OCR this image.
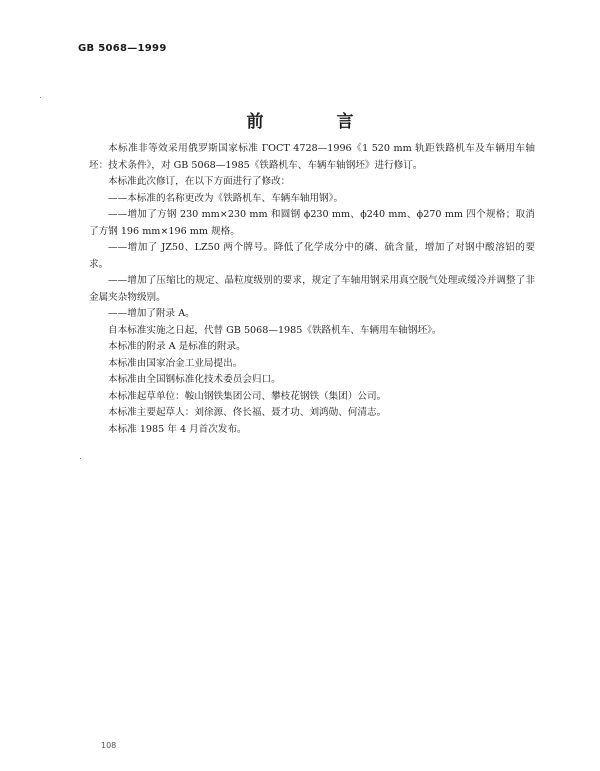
GB 5068—1999
前　言

本标准非等效采用俄罗斯国家标准 ГОСТ 4728—1996《1 520 mm 轨距铁路机车及车辆用车轴坯：技术条件》，对 GB 5068—1985《铁路机车、车辆车轴钢坯》进行修订。

本标准此次修订，在以下方面进行了修改：

——本标准的名称更改为《铁路机车、车辆车轴用钢》。

——增加了方钢 230 mm×230 mm 和圆钢 ϕ230 mm、ϕ240 mm、ϕ270 mm 四个规格；取消了方钢 196 mm×196 mm 规格。

——增加了 JZ50、LZ50 两个牌号。降低了化学成分中的磷、硫含量，增加了对钢中酸溶铝的要求。

——增加了压缩比的规定、晶粒度级别的要求，规定了车轴用钢采用真空脱气处理或缓冷并调整了非金属夹杂物级别。

——增加了附录 A。

自本标准实施之日起，代替 GB 5068—1985《铁路机车、车辆用车轴钢坯》。

本标准的附录 A 是标准的附录。

本标准由国家冶金工业局提出。

本标准由全国钢标准化技术委员会归口。

本标准起草单位：鞍山钢铁集团公司、攀枝花钢铁（集团）公司。

本标准主要起草人：刘徐源、佟长福、聂才功、刘鸿勋、何清志。

本标准 1985 年 4 月首次发布。

108
